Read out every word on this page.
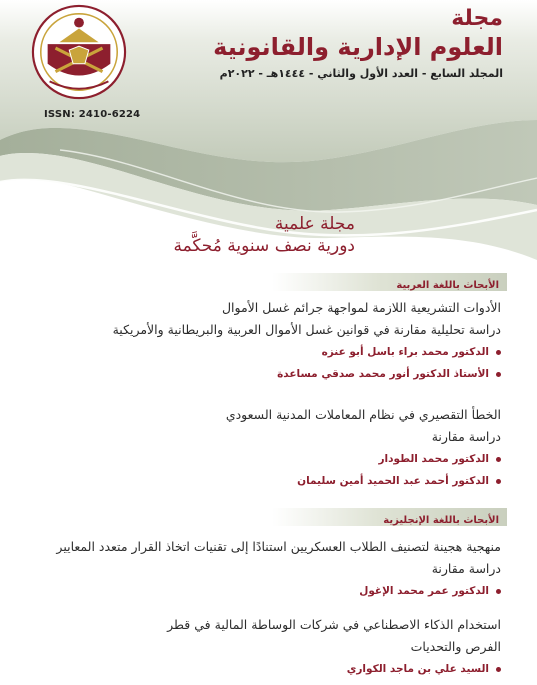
ISSN: 2410-6224
مجلة
العلوم الإدارية والقانونية
المجلد السابع - العدد الأول والثاني - ١٤٤٤هـ - ٢٠٢٢م
مجلة علمية
دورية نصف سنوية مُحكَّمة
الأبحاث باللغة العربية
الأدوات التشريعية اللازمة لمواجهة جرائم غسل الأموال
دراسة تحليلية مقارنة في قوانين غسل الأموال العربية والبريطانية والأمريكية
الدكتور محمد براء باسل أبو عنزه
الأستاذ الدكتور أنور محمد صدقي مساعدة
الخطأ التقصيري في نظام المعاملات المدنية السعودي
دراسة مقارنة
الدكتور محمد الطودار
الدكتور أحمد عبد الحميد أمين سليمان
الأبحاث باللغة الإنجليزية
منهجية هجينة لتصنيف الطلاب العسكريين استنادًا إلى تقنيات اتخاذ القرار متعدد المعايير
دراسة مقارنة
الدكتور عمر محمد الإغول
استخدام الذكاء الاصطناعي في شركات الوساطة المالية في قطر
الفرص والتحديات
السيد علي بن ماجد الكواري
